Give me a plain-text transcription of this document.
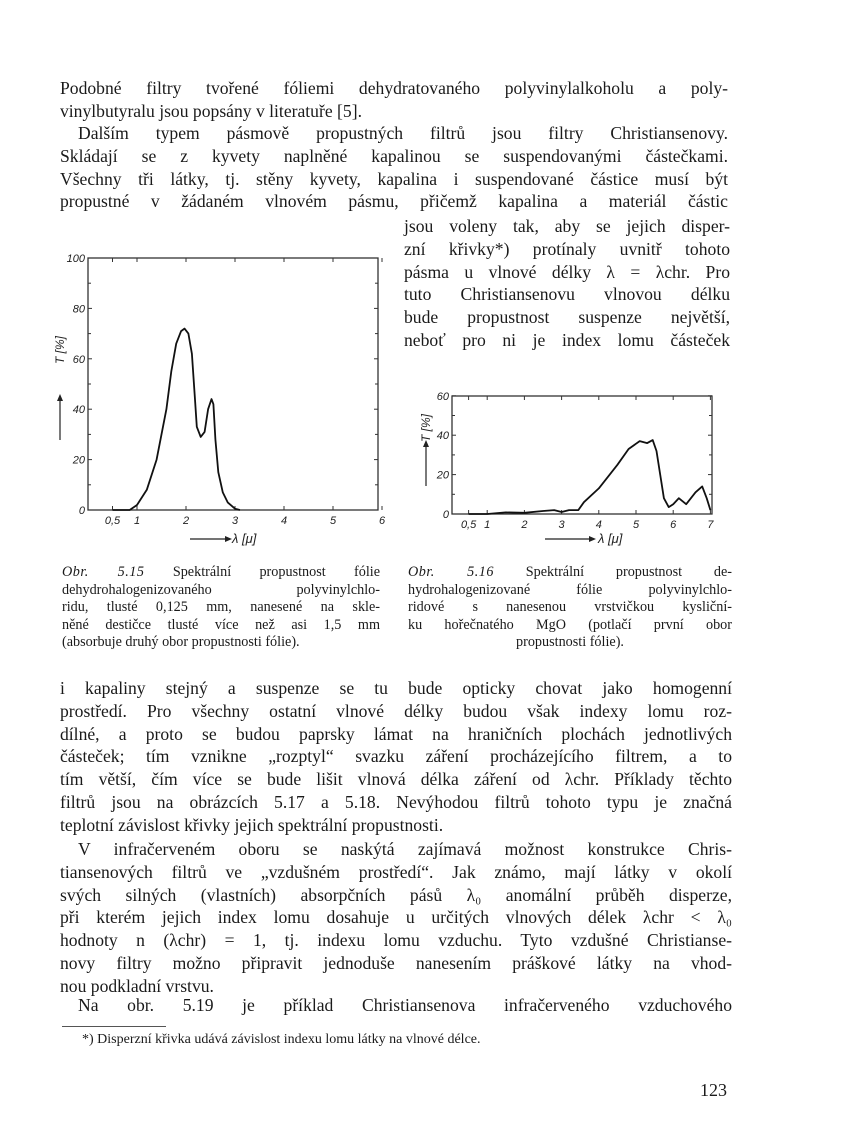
Podobné filtry tvořené fóliemi dehydratovaného polyvinylalkoholu a poly-
vinylbutyralu jsou popsány v literatuře [5].
Dalším typem pásmově propustných filtrů jsou filtry Christiansenovy.
Skládají se z kyvety naplněné kapalinou se suspendovanými částečkami.
Všechny tři látky, tj. stěny kyvety, kapalina i suspendované částice musí být
propustné v žádaném vlnovém pásmu, přičemž kapalina a materiál částic
jsou voleny tak, aby se jejich disper-
zní křivky*) protínaly uvnitř tohoto
pásma u vlnové délky λ = λchr. Pro
tuto Christiansenovu vlnovou délku
bude propustnost suspenze největší,
neboť pro ni je index lomu částeček
i kapaliny stejný a suspenze se tu bude opticky chovat jako homogenní
prostředí. Pro všechny ostatní vlnové délky budou však indexy lomu roz-
dílné, a proto se budou paprsky lámat na hraničních plochách jednotlivých
částeček; tím vznikne „rozptyl“ svazku záření procházejícího filtrem, a to
tím větší, čím více se bude lišit vlnová délka záření od λchr. Příklady těchto
filtrů jsou na obrázcích 5.17 a 5.18. Nevýhodou filtrů tohoto typu je značná
teplotní závislost křivky jejich spektrální propustnosti.
V infračerveném oboru se naskýtá zajímavá možnost konstrukce Chris-
tiansenových filtrů ve „vzdušném prostředí“. Jak známo, mají látky v okolí
svých silných (vlastních) absorpčních pásů λ₀ anomální průběh disperze,
při kterém jejich index lomu dosahuje u určitých vlnových délek λchr < λ₀
hodnoty n (λchr) = 1, tj. indexu lomu vzduchu. Tyto vzdušné Christianse-
novy filtry možno připravit jednoduše nanesením práškové látky na vhod-
nou podkladní vrstvu.
Na obr. 5.19 je příklad Christiansenova infračerveného vzduchového
0
20
40
60
80
100
0,5 1	2	3	4	5	6
λ [μ]
T [%]
0
20
40
60
0,5 1	2	3	4	5	6	7
λ [μ]
T [%]
Obr. 5.15 Spektrální propustnost fólie
dehydrohalogenizovaného polyvinylchlo-
ridu, tlusté 0,125 mm, nanesené na skle-
něné destičce tlusté více než asi 1,5 mm
(absorbuje druhý obor propustnosti fólie).
Obr. 5.16 Spektrální propustnost de-
hydrohalogenizované fólie polyvinylchlo-
ridové s nanesenou vrstvičkou kysliční-
ku hořečnatého MgO (potlačí první obor
propustnosti fólie).
*) Disperzní křivka udává závislost indexu lomu látky na vlnové délce.
123
